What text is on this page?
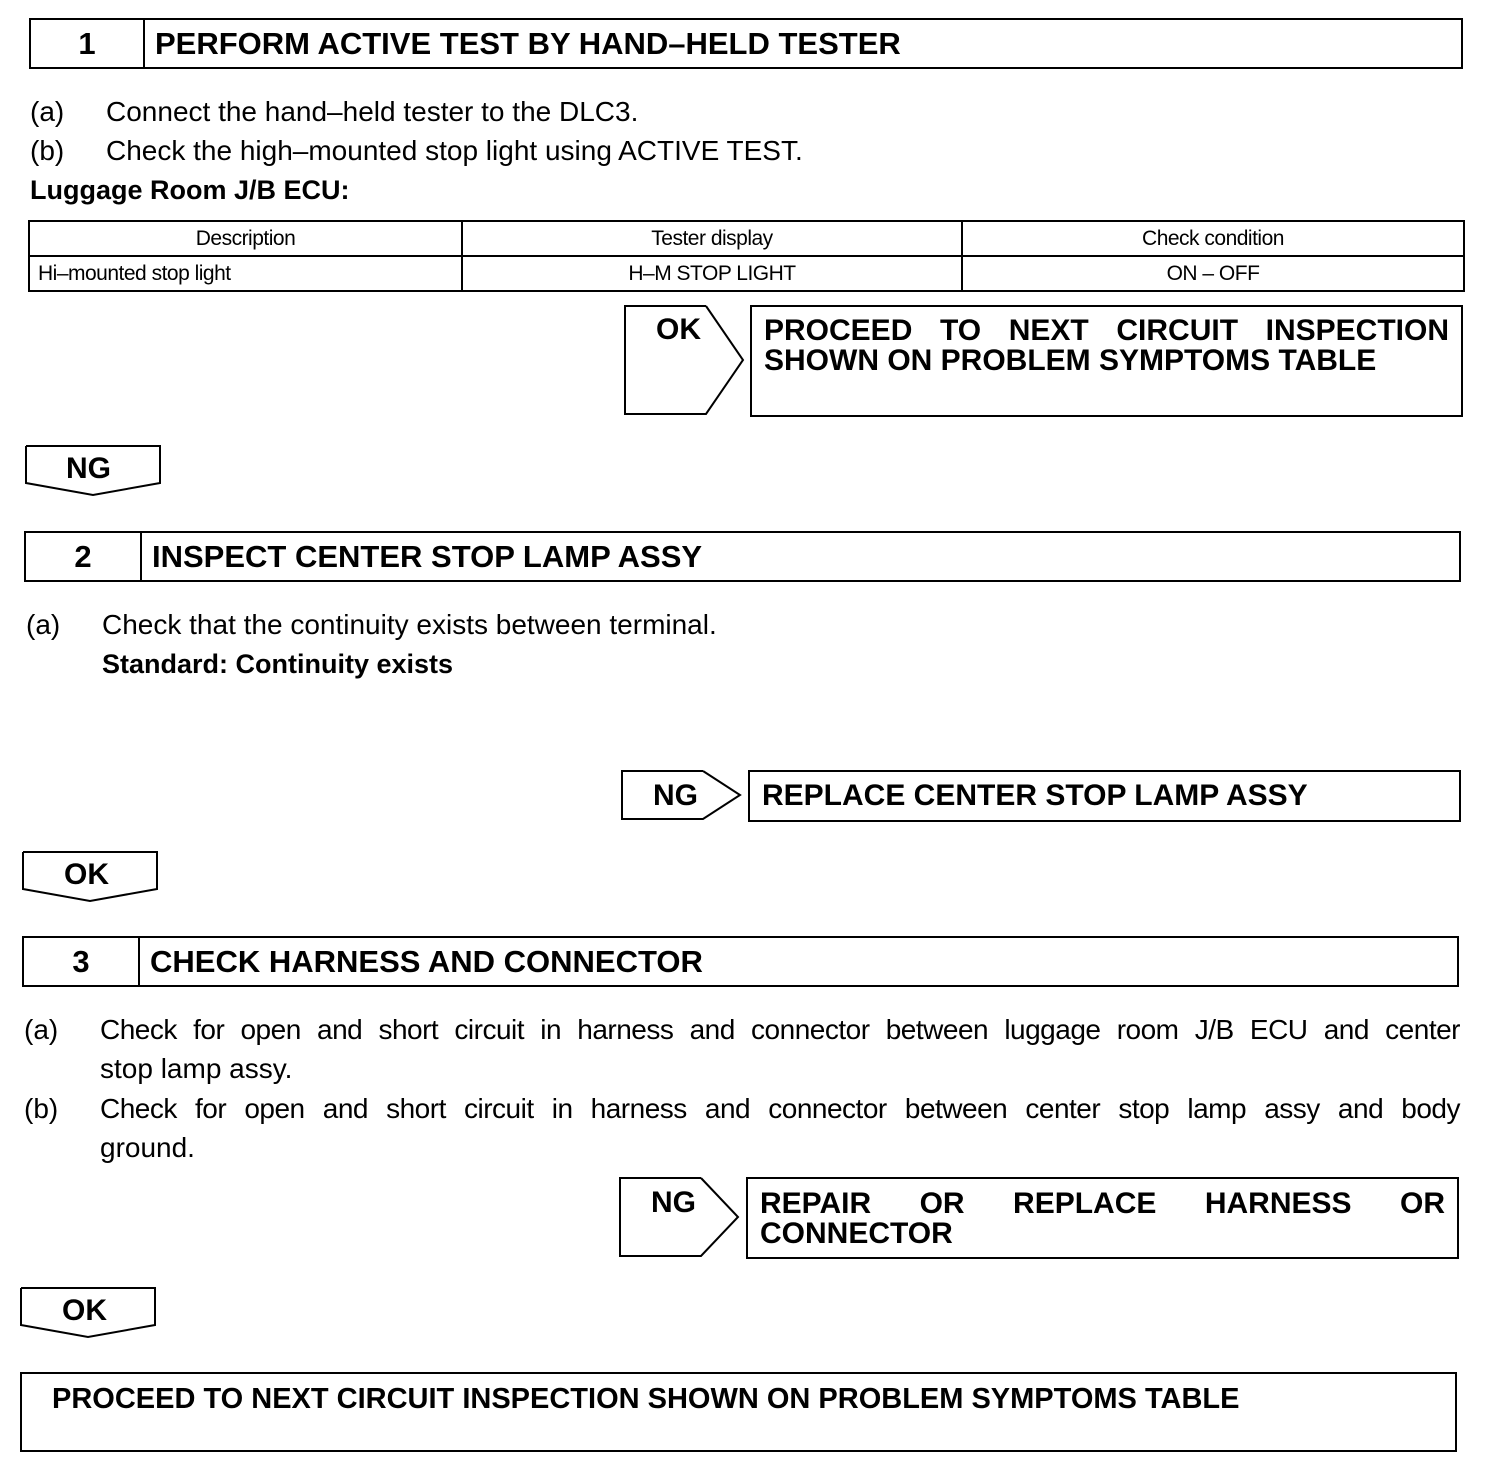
1	PERFORM ACTIVE TEST BY HAND–HELD TESTER
(a)	Connect the hand–held tester to the DLC3.
(b)	Check the high–mounted stop light using ACTIVE TEST.
Luggage Room J/B ECU:
Description	Tester display	Check condition
Hi–mounted stop light	H–M STOP LIGHT	ON – OFF
OK PROCEED TO NEXT CIRCUIT INSPECTION
SHOWN ON PROBLEM SYMPTOMS TABLE
NG
2	INSPECT CENTER STOP LAMP ASSY
(a)	Check that the continuity exists between terminal.
Standard: Continuity exists
NG	REPLACE CENTER STOP LAMP ASSY
OK
3	CHECK HARNESS AND CONNECTOR
(a)	Check for open and short circuit in harness and connector between luggage room J/B ECU and center
stop lamp assy.
(b)	Check for open and short circuit in harness and connector between center stop lamp assy and body
ground.
NG REPAIR OR REPLACE HARNESS OR
CONNECTOR
OK
PROCEED TO NEXT CIRCUIT INSPECTION SHOWN ON PROBLEM SYMPTOMS TABLE
